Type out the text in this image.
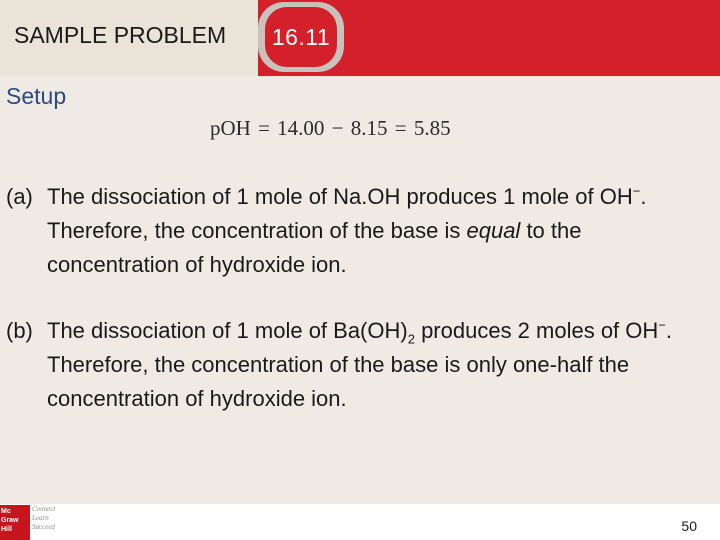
SAMPLE PROBLEM 16.11
Setup
pOH = 14.00 − 8.15 = 5.85
(a) The dissociation of 1 mole of Na.OH produces 1 mole of OH−. Therefore, the concentration of the base is equal to the concentration of hydroxide ion.
(b) The dissociation of 1 mole of $Ba(OH)_2$ produces 2 moles of OH−. Therefore, the concentration of the base is only one-half the concentration of hydroxide ion.
Mc
Graw
Hill
Connect
Learn
Succeed	50
